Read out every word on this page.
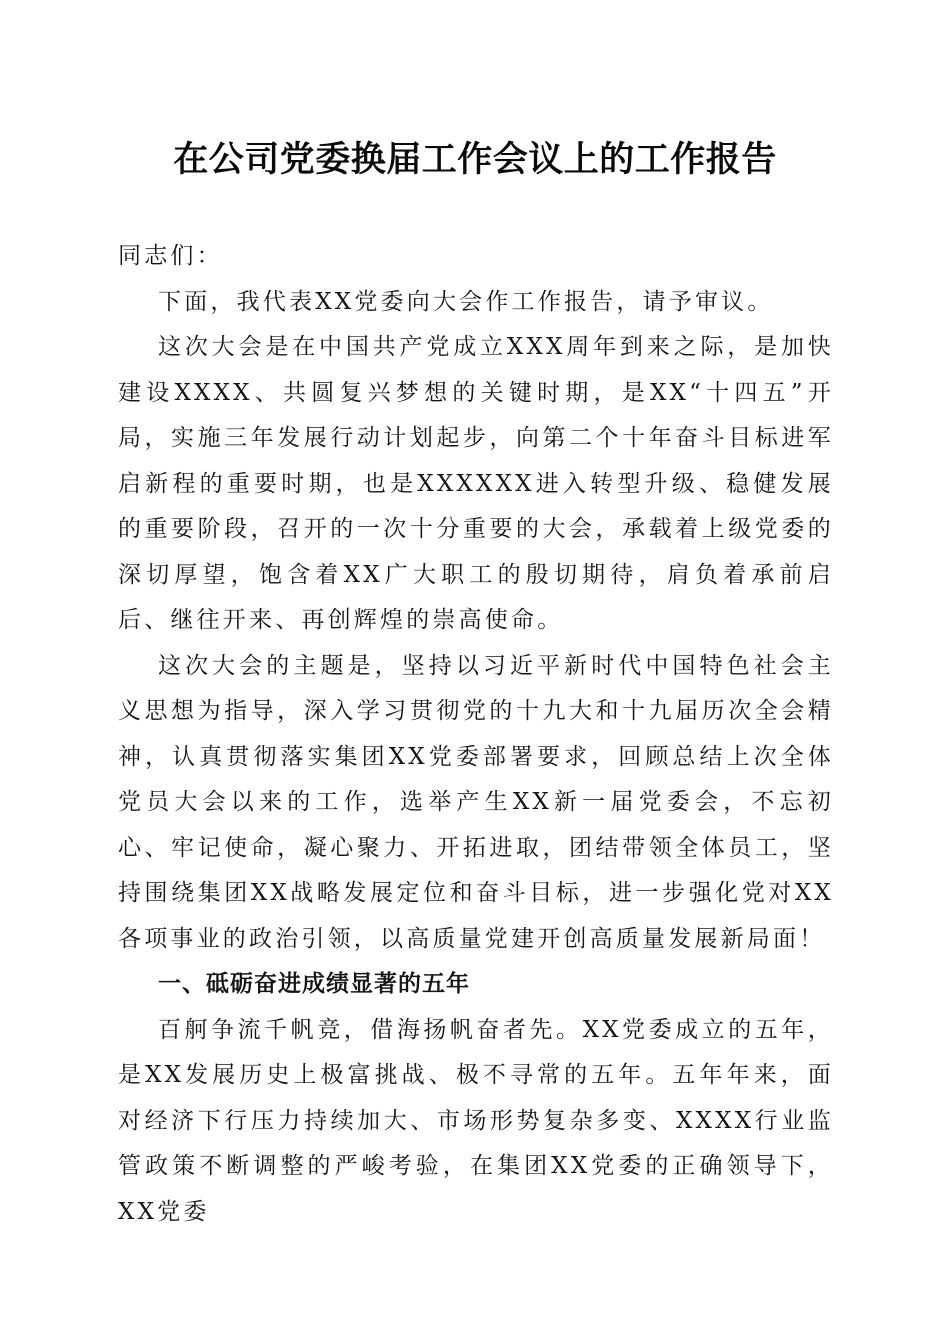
在公司党委换届工作会议上的工作报告

同志们：

下面，我代表XX党委向大会作工作报告，请予审议。

这次大会是在中国共产党成立XXX周年到来之际，是加快建设XXXX、共圆复兴梦想的关键时期，是XX“十四五”开局，实施三年发展行动计划起步，向第二个十年奋斗目标进军启新程的重要时期，也是XXXXXX进入转型升级、稳健发展的重要阶段，召开的一次十分重要的大会，承载着上级党委的深切厚望，饱含着XX广大职工的殷切期待，肩负着承前启后、继往开来、再创辉煌的崇高使命。

这次大会的主题是，坚持以习近平新时代中国特色社会主义思想为指导，深入学习贯彻党的十九大和十九届历次全会精神，认真贯彻落实集团XX党委部署要求，回顾总结上次全体党员大会以来的工作，选举产生XX新一届党委会，不忘初心、牢记使命，凝心聚力、开拓进取，团结带领全体员工，坚持围绕集团XX战略发展定位和奋斗目标，进一步强化党对XX各项事业的政治引领，以高质量党建开创高质量发展新局面！

一、砥砺奋进成绩显著的五年

百舸争流千帆竞，借海扬帆奋者先。XX党委成立的五年，是XX发展历史上极富挑战、极不寻常的五年。五年年来，面对经济下行压力持续加大、市场形势复杂多变、XXXX行业监管政策不断调整的严峻考验，在集团XX党委的正确领导下，XX党委
